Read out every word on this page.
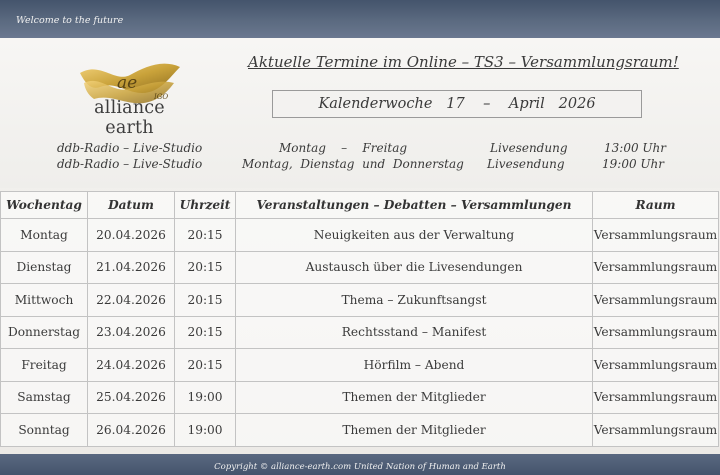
Welcome to the future
ae
IGO
alliance earth
Aktuelle Termine im Online – TS3 – Versammlungsraum!
Kalenderwoche
17
–
April
2026
ddb-Radio – Live-Studio	Montag    –    Freitag	Livesendung	13:00 Uhr
ddb-Radio – Live-Studio	Montag,  Dienstag  und  Donnerstag Livesendung	19:00 Uhr
Wochentag	Datum	Uhrzeit	Veranstaltungen – Debatten – Versammlungen	Raum
Montag	20.04.2026	20:15	Neuigkeiten aus der Verwaltung	Versammlungsraum
Dienstag	21.04.2026	20:15	Austausch über die Livesendungen	Versammlungsraum
Mittwoch	22.04.2026	20:15	Thema – Zukunftsangst	Versammlungsraum
Donnerstag	23.04.2026	20:15	Rechtsstand – Manifest	Versammlungsraum
Freitag	24.04.2026	20:15	Hörfilm – Abend	Versammlungsraum
Samstag	25.04.2026	19:00	Themen der Mitglieder	Versammlungsraum
Sonntag	26.04.2026	19:00	Themen der Mitglieder	Versammlungsraum
Copyright © alliance-earth.com United Nation of Human and Earth
